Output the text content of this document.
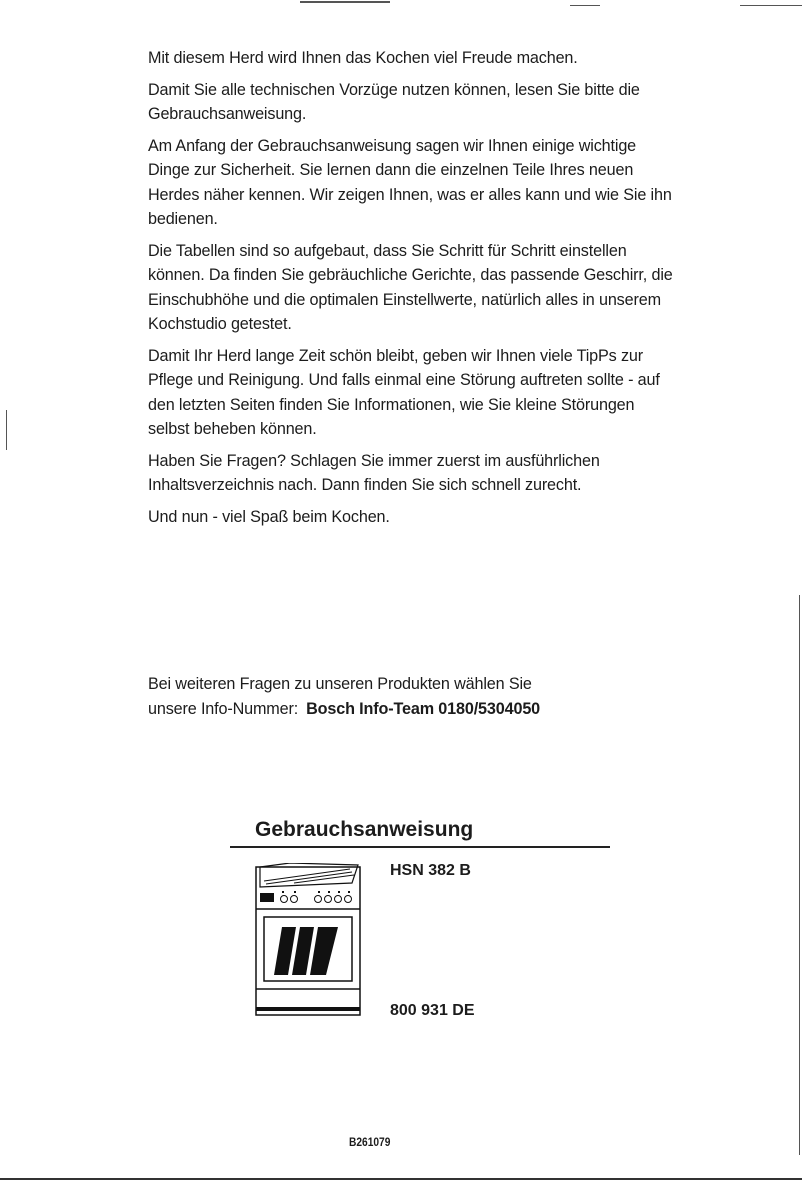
Mit diesem Herd wird Ihnen das Kochen viel Freude machen.

Damit Sie alle technischen Vorzüge nutzen können, lesen Sie bitte die Gebrauchsanweisung.

Am Anfang der Gebrauchsanweisung sagen wir Ihnen einige wichtige Dinge zur Sicherheit. Sie lernen dann die einzelnen Teile Ihres neuen Herdes näher kennen. Wir zeigen Ihnen, was er alles kann und wie Sie ihn bedienen.

Die Tabellen sind so aufgebaut, dass Sie Schritt für Schritt einstellen können. Da finden Sie gebräuchliche Gerichte, das passende Geschirr, die Einschubhöhe und die optimalen Einstellwerte, natürlich alles in unserem Kochstudio getestet.

Damit Ihr Herd lange Zeit schön bleibt, geben wir Ihnen viele TipPs zur Pflege und Reinigung. Und falls einmal eine Störung auftreten sollte - auf den letzten Seiten finden Sie Informationen, wie Sie kleine Störungen selbst beheben können.

Haben Sie Fragen? Schlagen Sie immer zuerst im ausführlichen Inhaltsverzeichnis nach. Dann finden Sie sich schnell zurecht.

Und nun - viel Spaß beim Kochen.

Bei weiteren Fragen zu unseren Produkten wählen Sie
unsere Info-Nummer: Bosch Info-Team 0180/5304050
Gebrauchsanweisung
HSN 382 B
800 931 DE
B261079
